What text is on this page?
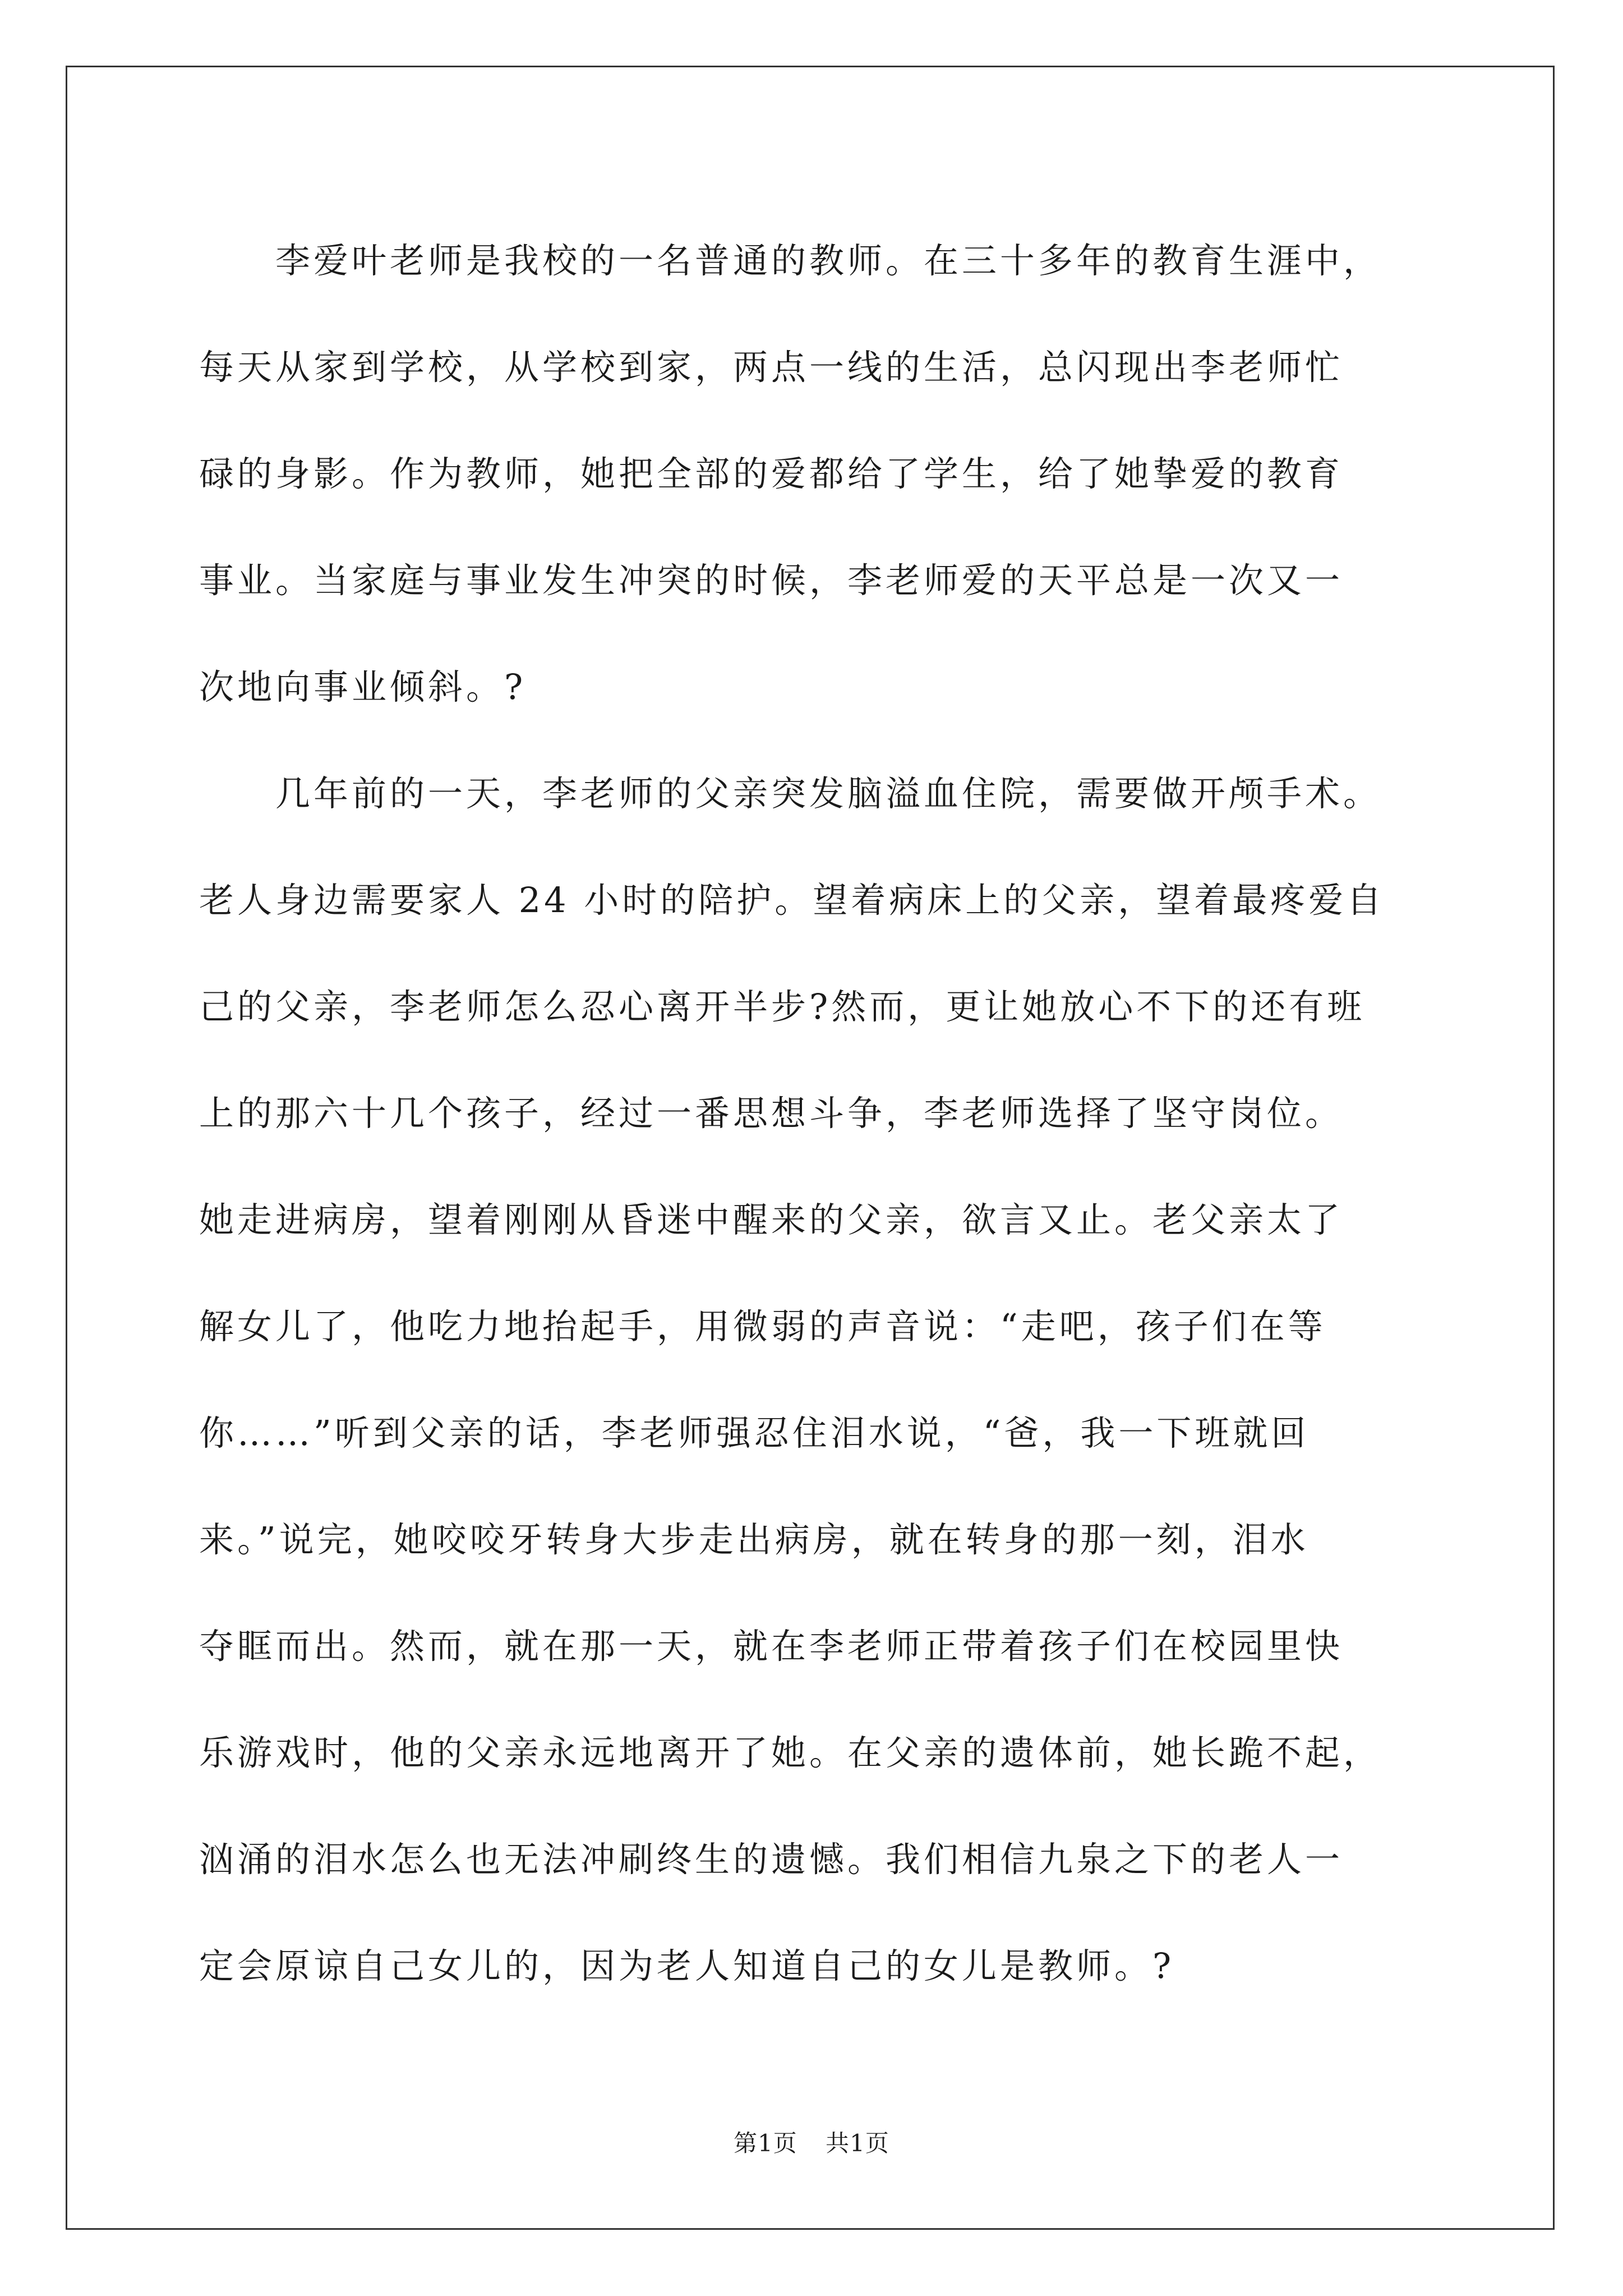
　　李爱叶老师是我校的一名普通的教师。在三十多年的教育生涯中，
每天从家到学校，从学校到家，两点一线的生活，总闪现出李老师忙
碌的身影。作为教师，她把全部的爱都给了学生，给了她挚爱的教育
事业。当家庭与事业发生冲突的时候，李老师爱的天平总是一次又一
次地向事业倾斜。?
　　几年前的一天，李老师的父亲突发脑溢血住院，需要做开颅手术。
老人身边需要家人 24 小时的陪护。望着病床上的父亲，望着最疼爱自
己的父亲，李老师怎么忍心离开半步?然而，更让她放心不下的还有班
上的那六十几个孩子，经过一番思想斗争，李老师选择了坚守岗位。
她走进病房，望着刚刚从昏迷中醒来的父亲，欲言又止。老父亲太了
解女儿了，他吃力地抬起手，用微弱的声音说：“走吧，孩子们在等
你……”听到父亲的话，李老师强忍住泪水说，“爸，我一下班就回
来。”说完，她咬咬牙转身大步走出病房，就在转身的那一刻，泪水
夺眶而出。然而，就在那一天，就在李老师正带着孩子们在校园里快
乐游戏时，他的父亲永远地离开了她。在父亲的遗体前，她长跪不起，
汹涌的泪水怎么也无法冲刷终生的遗憾。我们相信九泉之下的老人一
定会原谅自己女儿的，因为老人知道自己的女儿是教师。?
第1页 共1页
